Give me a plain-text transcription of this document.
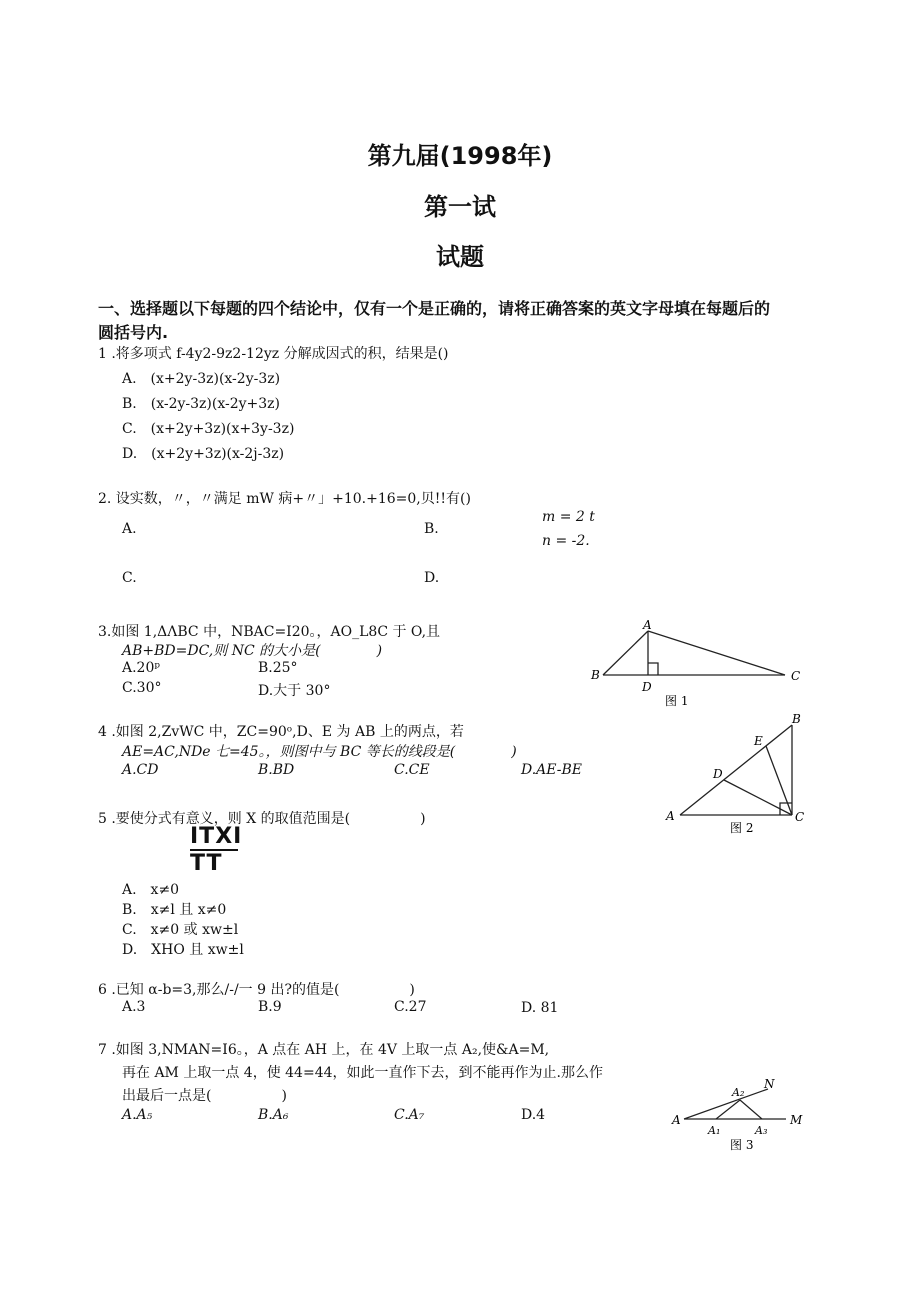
第九届(1998年)
第一试
试题
一、选择题以下每题的四个结论中，仅有一个是正确的，请将正确答案的英文字母填在每题后的
圆括号内.
1 .将多项式 f-4y2-9z2-12yz 分解成因式的积，结果是()
A.　(x+2y-3z)(x-2y-3z)
B.　(x-2y-3z)(x-2y+3z)
C.　(x+2y+3z)(x+3y-3z)
D.　(x+2y+3z)(x-2j-3z)
2. 设实数，〃，〃满足 mW 病+〃」+10.+16=0,贝!!有()
A.	B.
m = 2 t
n = -2.
C.	D.
3.如图 1,ΔΛBC 中，NBAC=I20。，AO_L8C 于 O,且
AB+BD=DC,则 NC 的大小是(　　　　)
A.20ᵖ	B.25°
C.30°	D.大于 30°
A
B	C
D
图 1
4 .如图 2,ZvWC 中，ZC=90ᵒ,D、E 为 AB 上的两点，若
AE=AC,NDe 七=45。，则图中与 BC 等长的线段是(　　　　)
A.CD	B.BD	C.CE	D.AE-BE
A
B
C
D
E
图 2
5 .要使分式有意义，则 X 的取值范围是(　　　　　)
ITXI
TT
A.　x≠0
B.　x≠l 且 x≠0
C.　x≠0 或 xw±l
D.　XHO 且 xw±l
6 .已知 α-b=3,那么/-/一 9 出?的值是(　　　　　)
A.3	B.9	C.27	D. 81
7 .如图 3,NMAN=I6。，A 点在 AH 上，在 4V 上取一点 A₂,使&A=M,
再在 AM 上取一点 4，使 44=44，如此一直作下去，到不能再作为止.那么作
出最后一点是(　　　　　)
A.A₅	B.A₆	C.A₇	D.4	A
A₁
A₂
A₃
M
N
图 3
